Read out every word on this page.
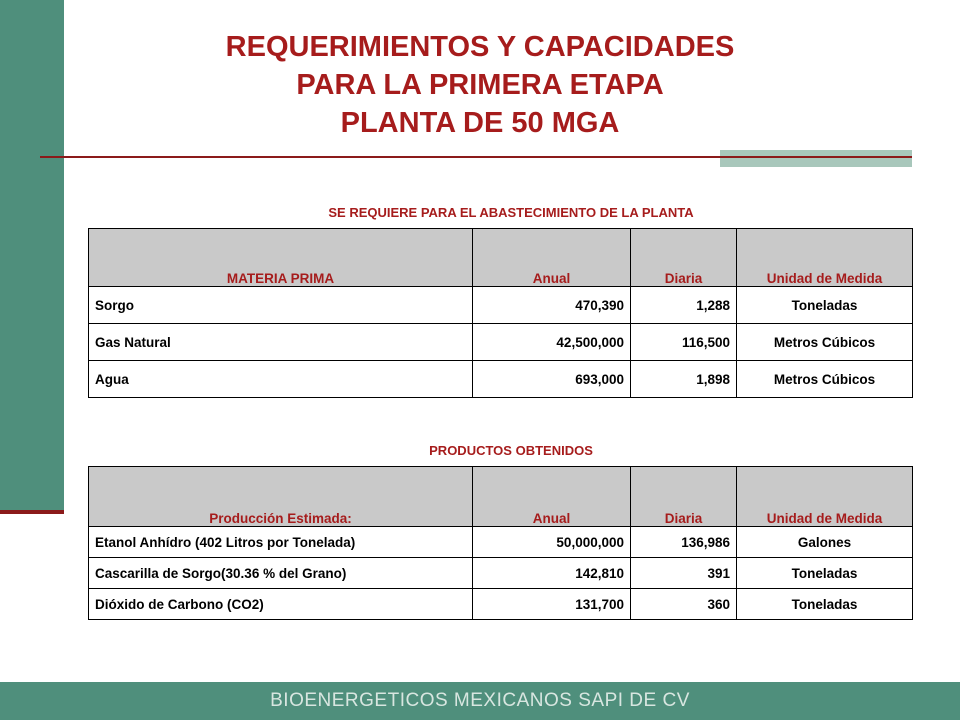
REQUERIMIENTOS Y CAPACIDADES
PARA LA PRIMERA ETAPA
PLANTA DE 50 MGA
SE REQUIERE PARA EL ABASTECIMIENTO DE LA PLANTA
MATERIA PRIMA	Anual	Diaria	Unidad de Medida
Sorgo	470,390	1,288	Toneladas
Gas Natural	42,500,000	116,500	Metros Cúbicos
Agua	693,000	1,898	Metros Cúbicos
PRODUCTOS OBTENIDOS
Producción Estimada:	Anual	Diaria	Unidad de Medida
Etanol Anhídro (402 Litros por Tonelada)	50,000,000	136,986	Galones
Cascarilla de Sorgo(30.36 % del Grano)	142,810	391	Toneladas
Dióxido de Carbono (CO2)	131,700	360	Toneladas
BIOENERGETICOS MEXICANOS SAPI DE CV
